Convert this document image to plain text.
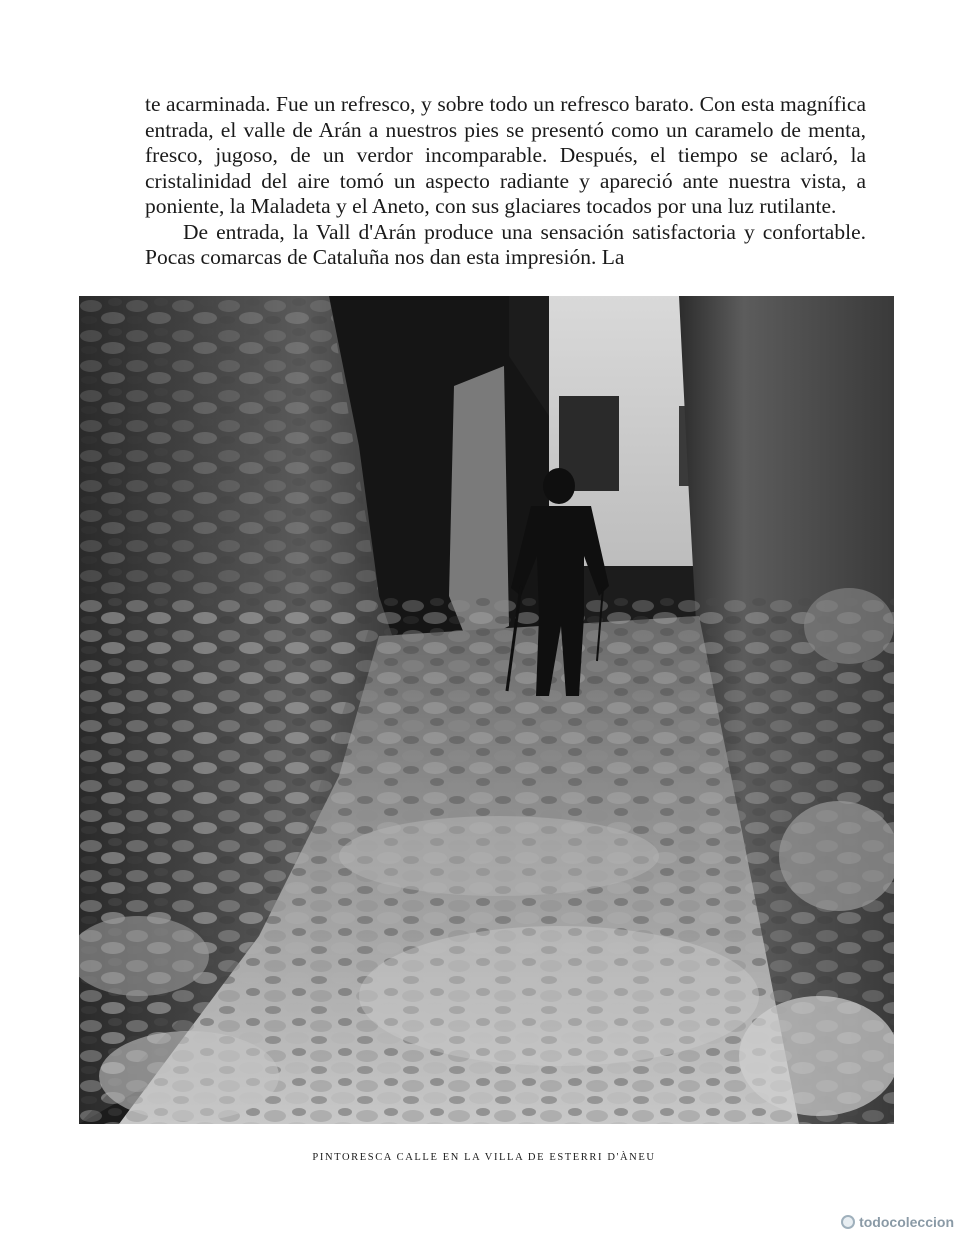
te acarminada. Fue un refresco, y sobre todo un refresco barato. Con esta magnífica entrada, el valle de Arán a nuestros pies se presentó como un caramelo de menta, fresco, jugoso, de un verdor incomparable. Después, el tiempo se aclaró, la cristalinidad del aire tomó un aspecto radiante y apareció ante nuestra vista, a poniente, la Maladeta y el Aneto, con sus glaciares tocados por una luz rutilante.

De entrada, la Vall d'Arán produce una sensación satisfactoria y confortable. Pocas comarcas de Cataluña nos dan esta impresión. La

PINTORESCA CALLE EN LA VILLA DE ESTERRI D'ÀNEU
todocoleccion
